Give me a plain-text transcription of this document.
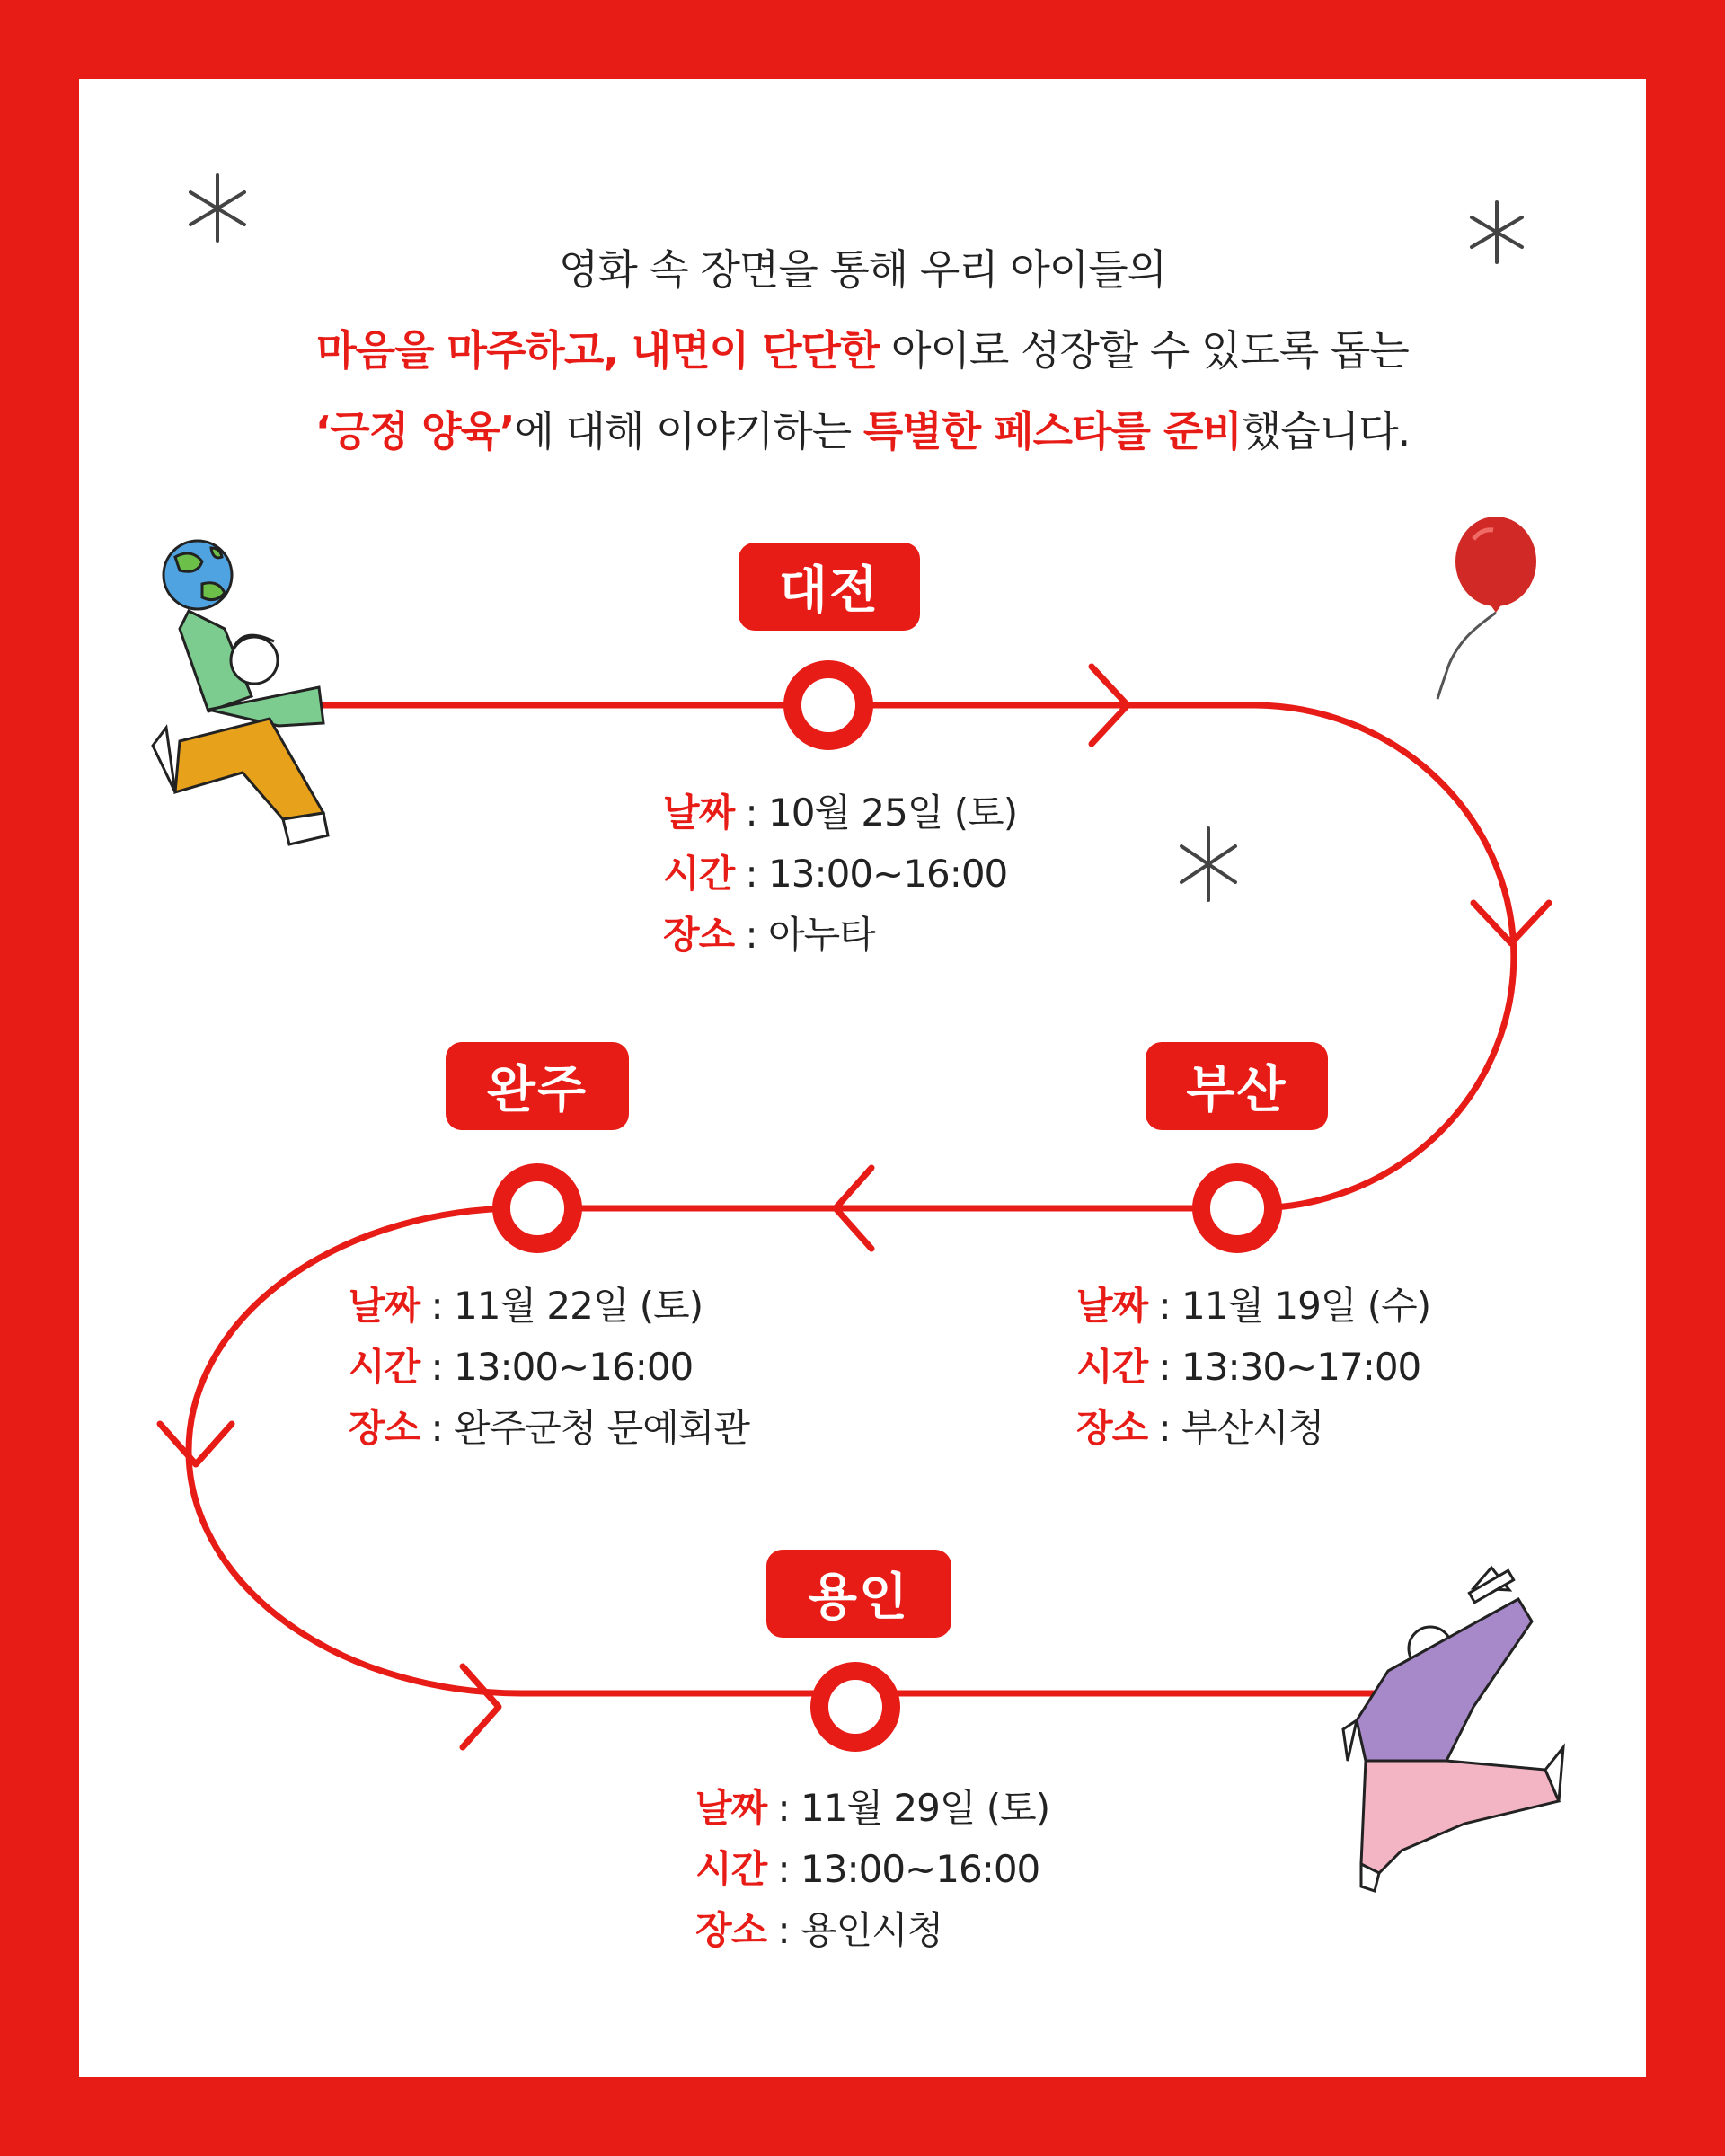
영화 속 장면을 통해 우리 아이들의
마음을 마주하고, 내면이 단단한 아이로 성장할 수 있도록 돕는
‘긍정 양육’에 대해 이야기하는 특별한 페스타를 준비했습니다.
대전
날짜 : 10월 25일 (토)
시간 : 13:00~16:00
장소 : 아누타
부산
날짜 : 11월 19일 (수)
시간 : 13:30~17:00
장소 : 부산시청
완주
날짜 : 11월 22일 (토)
시간 : 13:00~16:00
장소 : 완주군청 문예회관
용인
날짜 : 11월 29일 (토)
시간 : 13:00~16:00
장소 : 용인시청
